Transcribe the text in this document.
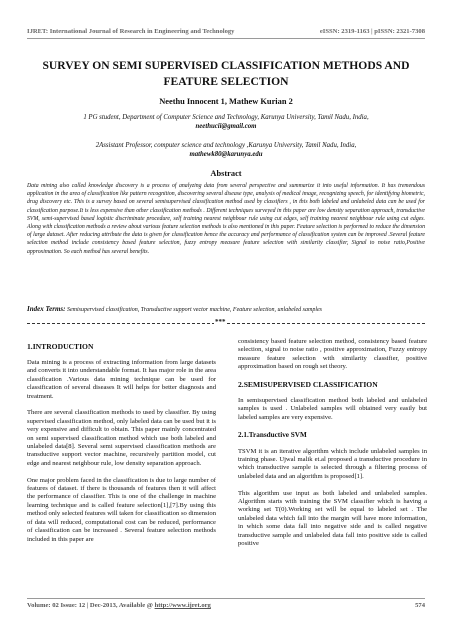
IJRET: International Journal of Research in Engineering and Technology	eISSN: 2319-1163 | pISSN: 2321-7308
SURVEY ON SEMI SUPERVISED CLASSIFICATION METHODS AND FEATURE SELECTION
Neethu Innocent 1, Mathew Kurian 2
1 PG student, Department of Computer Science and Technology, Karunya University, Tamil Nadu, India,
neethucii@gmail.com
2Assistant Professor, computer science and technology ,Karunya University, Tamil Nadu, India,
mathewk80@karunya.edu
Abstract
Data mining also called knowledge discovery is a process of analyzing data from several perspective and summarize it into useful information. It has tremendous application in the area of classification like pattern recognition, discovering several disease type, analysis of medical image, recognizing speech, for identifying biometric, drug discovery etc. This is a survey based on several semisupervised classification method used by classifiers , in this both labeled and unlabeled data can be used for classification purpose.It is less expensive than other classification methods . Different techniques surveyed in this paper are low density separation approach, transductive SVM, semi-supervised based logistic discriminate procedure, self training nearest neighbour rule using cut edges, self training nearest neighbour rule using cut edges. Along with classification methods a review about various feature selection methods is also mentioned in this paper. Feature selection is performed to reduce the dimension of large dataset. After reducing attribute the data is given for classification hence the accuracy and performance of classification system can be improved .Several feature selection method include consistency based feature selection, fuzzy entropy measure feature selection with similarity classifier, Signal to noise ratio,Positive approximation. So each method has several benefits.
Index Terms: Semisupervised classification, Transductive support vector machine, Feature selection, unlabeled samples
***
1.INTRODUCTION

Data mining is a process of extracting information from large datasets and converts it into understandable format. It has major role in the area classification .Various data mining technique can be used for classification of several diseases It will helps for better diagnosis and treatment.

There are several classification methods to used by classifier. By using supervised classification method, only labeled data can be used but it is very expensive and difficult to obtain. This paper mainly concentrated on semi supervised classification method which use both labeled and unlabeled data[8]. Several semi supervised classification methods are transductive support vector machine, recursively partition model, cut edge and nearest neighbour rule, low density separation approach.

One major problem faced in the classification is due to large number of features of dataset. if there is thousands of features then it will affect the performance of classifier. This is one of the challenge in machine learning technique and is called feature selection[1],[7].By using this method only selected features will taken for classification so dimension of data will reduced, computational cost can be reduced, performance of classification can be increased . Several feature selection methods included in this paper are

consistency based feature selection method, consistency based feature selection, signal to noise ratio , positive approximation, Fuzzy entropy measure feature selection with similarity classifier, positive approximation based on rough set theory.

2.SEMISUPERVISED CLASSIFICATION

In semisupervised classification method both labeled and unlabeled samples is used . Unlabeled samples will obtained very easily but labeled samples are very expensive.

2.1.Transductive SVM

TSVM it is an iterative algorithm which include unlabeled samples in training phase. Ujwal malik et.al proposed a transductive procedure in which transductive sample is selected through a filtering process of unlabeled data and an algorithm is proposed[1].

This algorithm use input as both labeled and unlabeled samples. Algorithm starts with training the SVM classifier which is having a working set T(0).Working set will be equal to labeled set . The unlabeled data which fall into the margin will have more information, in which some data fall into negative side and is called negative transductive sample and unlabeled data fall into positive side is called positive

Volume: 02 Issue: 12 | Dec-2013, Available @ http://www.ijret.org	574
